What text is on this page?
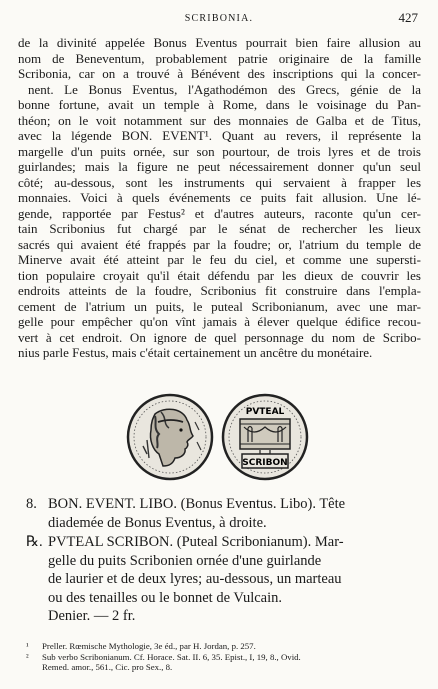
SCRIBONIA.	427
de la divinité appelée Bonus Eventus pourrait bien faire allusion au
nom de Beneventum, probablement patrie originaire de la famille
Scribonia, car on a trouvé à Bénévent des inscriptions qui la concer-
nent. Le Bonus Eventus, l'Agathodémon des Grecs, génie de la
bonne fortune, avait un temple à Rome, dans le voisinage du Pan-
théon; on le voit notamment sur des monnaies de Galba et de Titus,
avec la légende BON. EVENT¹. Quant au revers, il représente la
margelle d'un puits ornée, sur son pourtour, de trois lyres et de trois
guirlandes; mais la figure ne peut nécessairement donner qu'un seul
côté; au-dessous, sont les instruments qui servaient à frapper les
monnaies. Voici à quels événements ce puits fait allusion. Une lé-
gende, rapportée par Festus² et d'autres auteurs, raconte qu'un cer-
tain Scribonius fut chargé par le sénat de rechercher les lieux
sacrés qui avaient été frappés par la foudre; or, l'atrium du temple de
Minerve avait été atteint par le feu du ciel, et comme une supersti-
tion populaire croyait qu'il était défendu par les dieux de couvrir les
endroits atteints de la foudre, Scribonius fit construire dans l'empla-
cement de l'atrium un puits, le puteal Scribonianum, avec une mar-
gelle pour empêcher qu'on vînt jamais à élever quelque édifice recou-
vert à cet endroit. On ignore de quel personnage du nom de Scribo-
nius parle Festus, mais c'était certainement un ancêtre du monétaire.
PVTEAL
SCRIBON
8. BON. EVENT. LIBO. (Bonus Eventus. Libo). Tête
diademée de Bonus Eventus, à droite.
℞. PVTEAL SCRIBON. (Puteal Scribonianum). Mar-
gelle du puits Scribonien ornée d'une guirlande
de laurier et de deux lyres; au-dessous, un marteau
ou des tenailles ou le bonnet de Vulcain.
Denier. — 2 fr.
¹ Preller. Rœmische Mythologie, 3e éd., par H. Jordan, p. 257.
² Sub verbo Scribonianum. Cf. Horace. Sat. II. 6, 35. Epist., I, 19, 8., Ovid.
Remed. amor., 561., Cic. pro Sex., 8.
